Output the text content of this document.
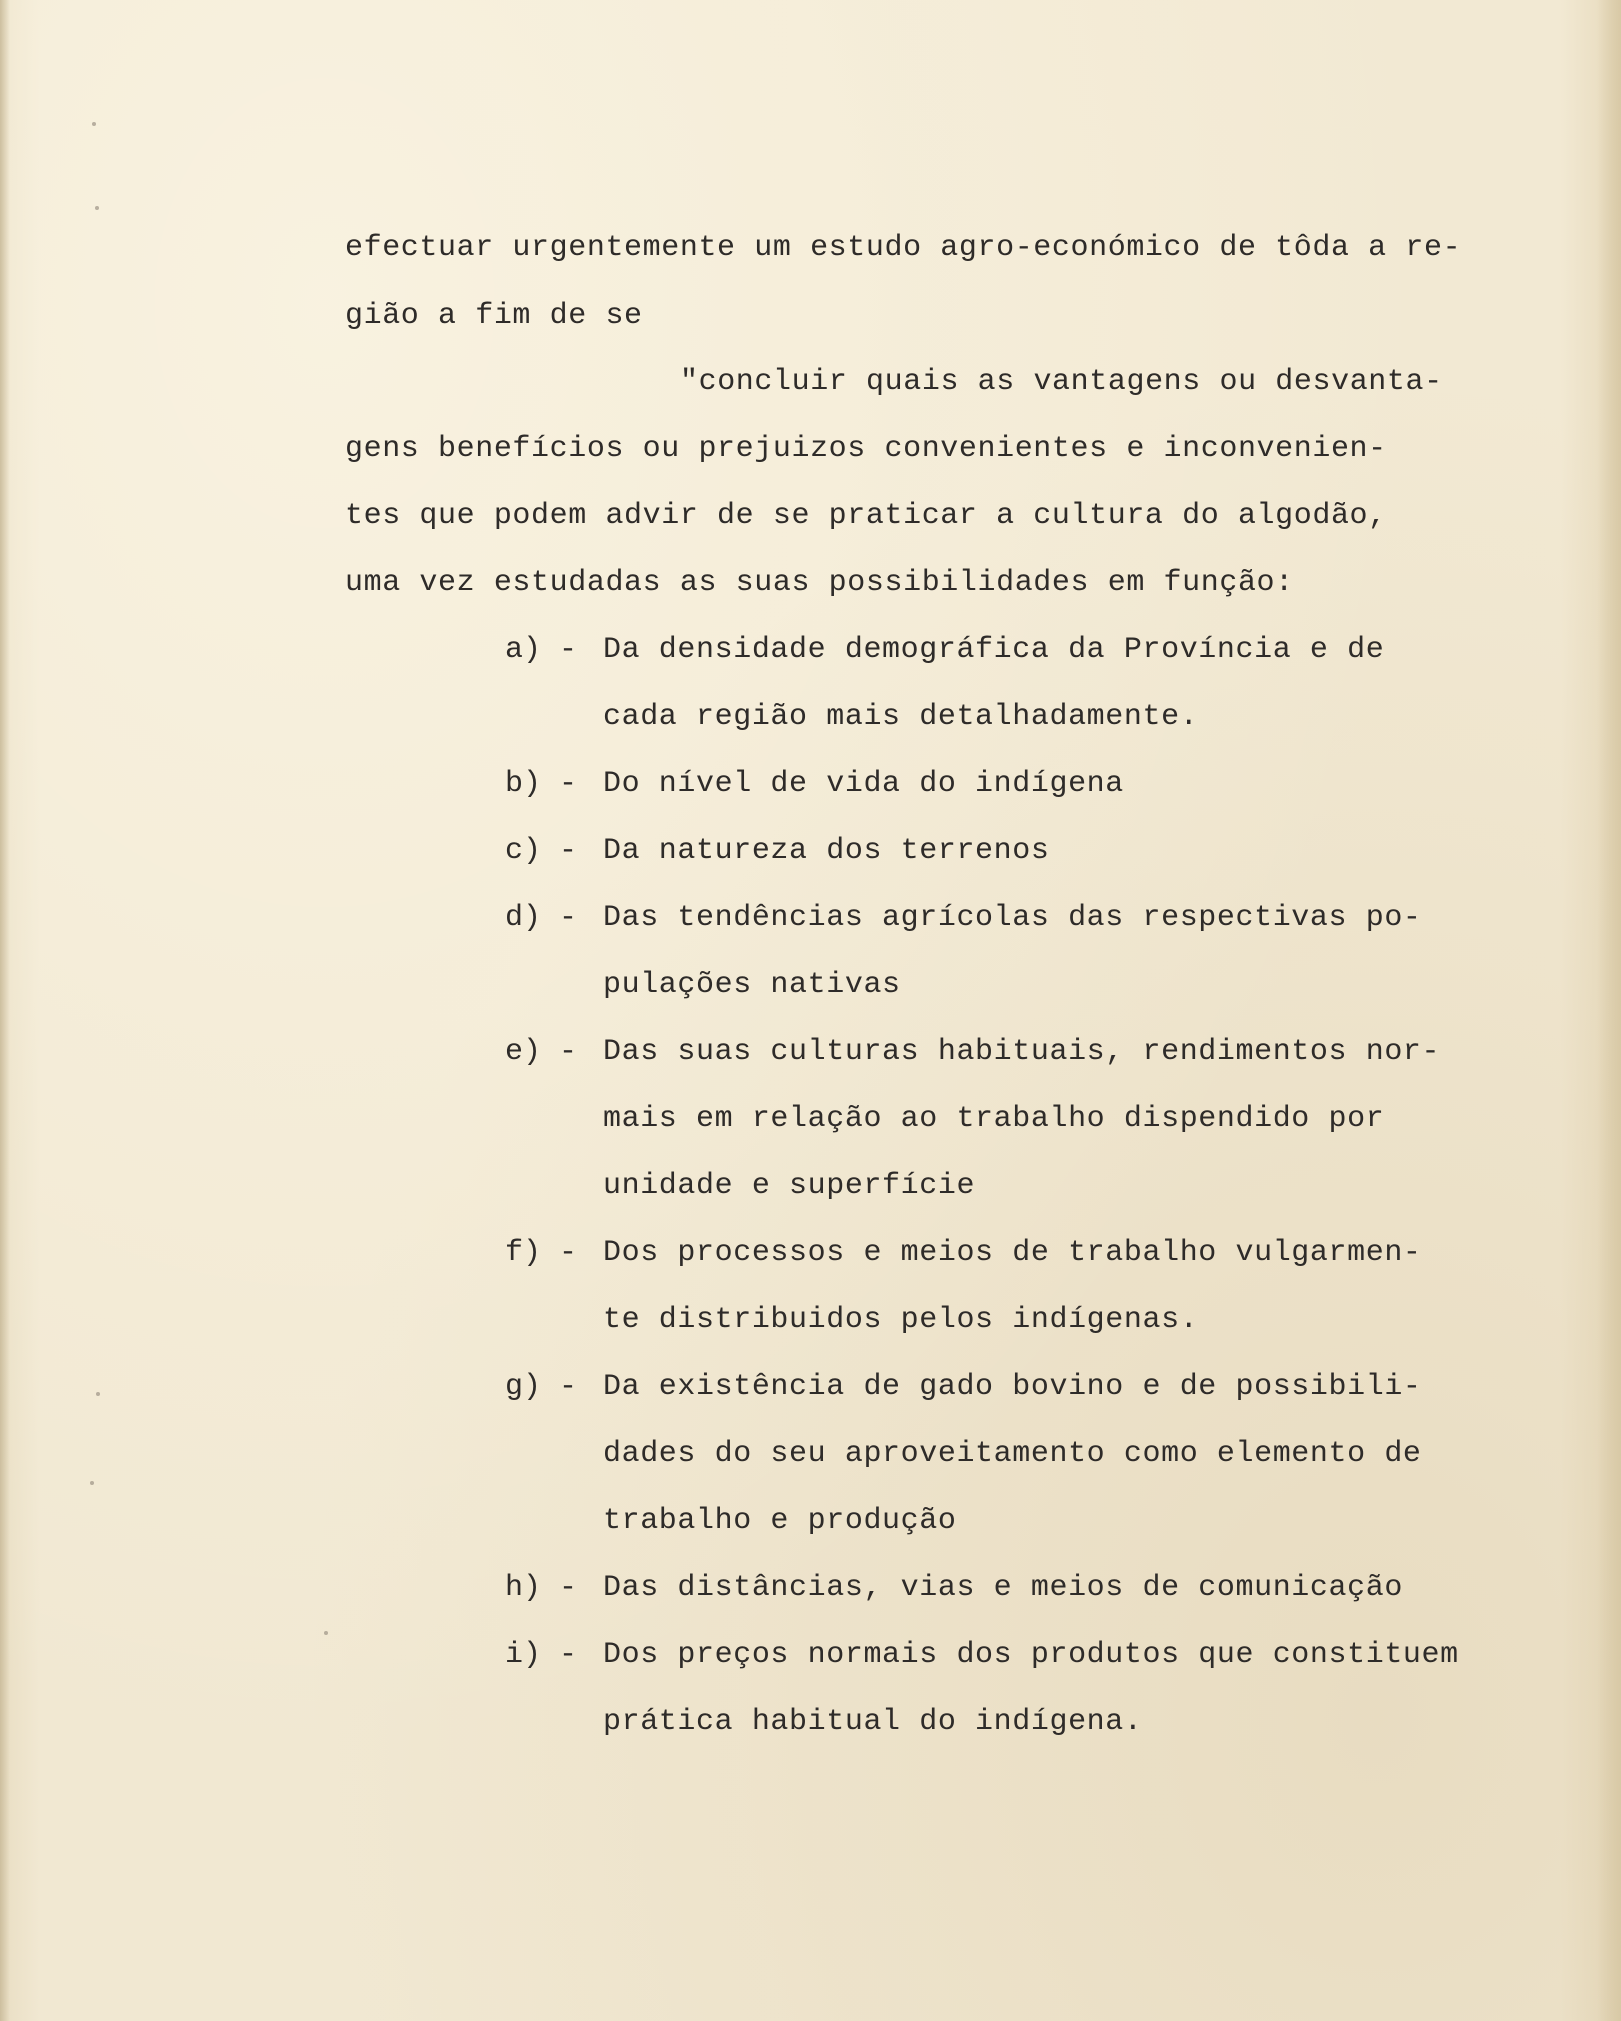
efectuar urgentemente um estudo agro-económico de tôda a re-

gião a fim de se

"concluir quais as vantagens ou desvanta-

gens benefícios ou prejuizos convenientes e inconvenien-

tes que podem advir de se praticar a cultura do algodão,

uma vez estudadas as suas possibilidades em função:

a) - Da densidade demográfica da Província e de

cada região mais detalhadamente.

b) - Do nível de vida do indígena

c) - Da natureza dos terrenos

d) - Das tendências agrícolas das respectivas po-

pulações nativas

e) - Das suas culturas habituais, rendimentos nor-

mais em relação ao trabalho dispendido por

unidade e superfície

f) - Dos processos e meios de trabalho vulgarmen-

te distribuidos pelos indígenas.

g) - Da existência de gado bovino e de possibili-

dades do seu aproveitamento como elemento de

trabalho e produção

h) - Das distâncias, vias e meios de comunicação

i) - Dos preços normais dos produtos que constituem

prática habitual do indígena.
